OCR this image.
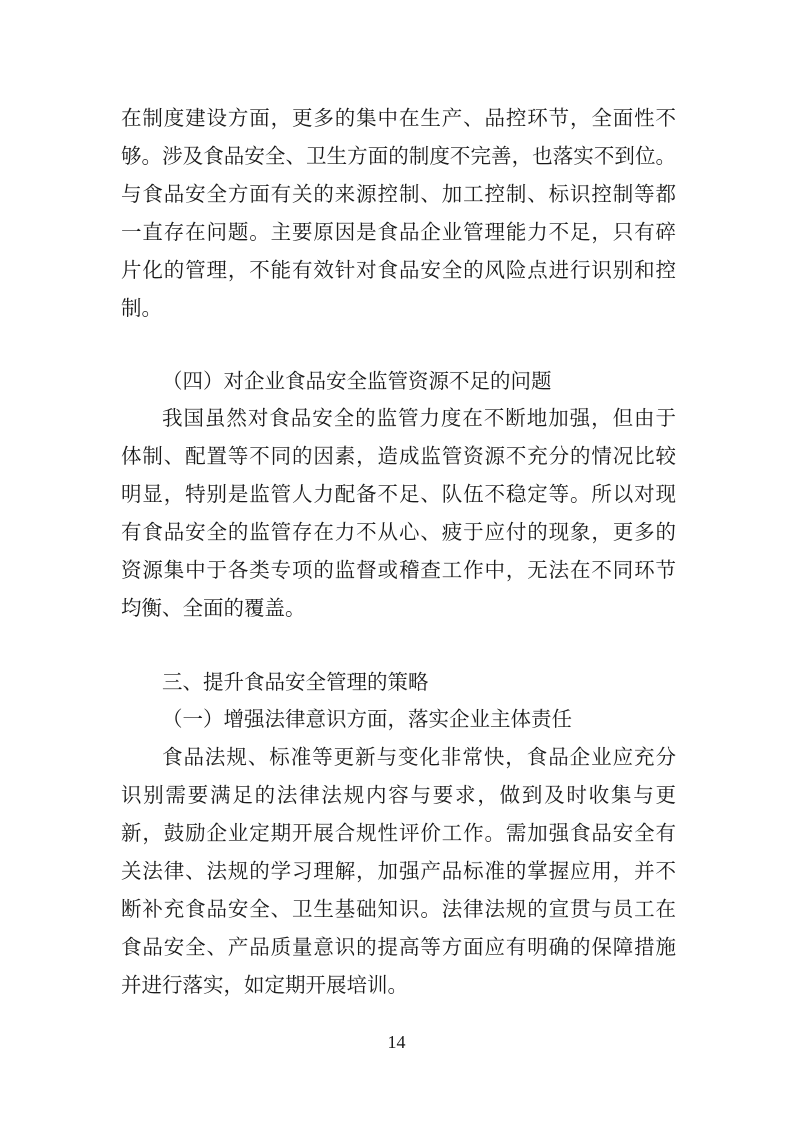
在制度建设方面，更多的集中在生产、品控环节，全面性不
够。涉及食品安全、卫生方面的制度不完善，也落实不到位。
与食品安全方面有关的来源控制、加工控制、标识控制等都
一直存在问题。主要原因是食品企业管理能力不足，只有碎
片化的管理，不能有效针对食品安全的风险点进行识别和控
制。
（四）对企业食品安全监管资源不足的问题
我国虽然对食品安全的监管力度在不断地加强，但由于
体制、配置等不同的因素，造成监管资源不充分的情况比较
明显，特别是监管人力配备不足、队伍不稳定等。所以对现
有食品安全的监管存在力不从心、疲于应付的现象，更多的
资源集中于各类专项的监督或稽查工作中，无法在不同环节
均衡、全面的覆盖。
三、提升食品安全管理的策略
（一）增强法律意识方面，落实企业主体责任
食品法规、标准等更新与变化非常快，食品企业应充分
识别需要满足的法律法规内容与要求，做到及时收集与更
新，鼓励企业定期开展合规性评价工作。需加强食品安全有
关法律、法规的学习理解，加强产品标准的掌握应用，并不
断补充食品安全、卫生基础知识。法律法规的宣贯与员工在
食品安全、产品质量意识的提高等方面应有明确的保障措施
并进行落实，如定期开展培训。
14
